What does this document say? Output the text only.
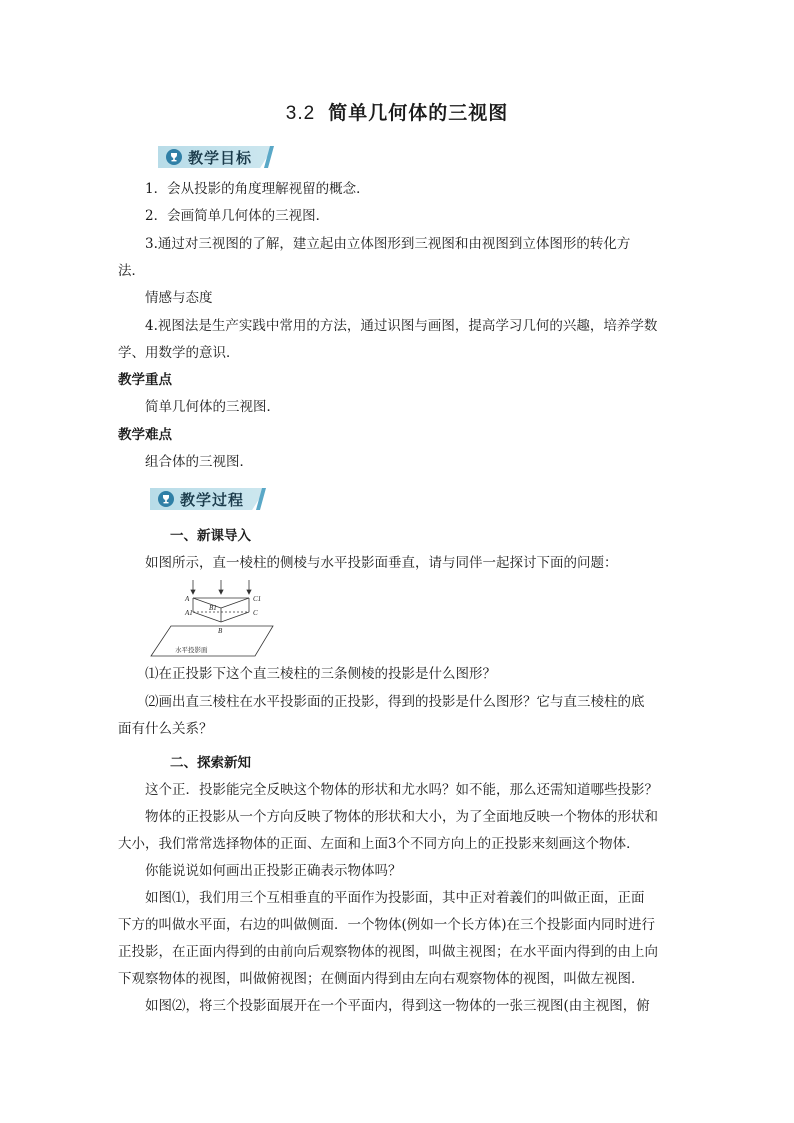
3.2 简单几何体的三视图
教学目标
1．会从投影的角度理解视留的概念．
2．会画简单几何体的三视图．
3.通过对三视图的了解，建立起由立体图形到三视图和由视图到立体图形的转化方
法．
情感与态度
4.视图法是生产实践中常用的方法，通过识图与画图，提高学习几何的兴趣，培养学数
学、用数学的意识．
教学重点
简单几何体的三视图．
教学难点
组合体的三视图．
教学过程
一、新课导入
如图所示，直一棱柱的侧棱与水平投影面垂直，请与同伴一起探讨下面的问题：
A	C1
B1
A1	C
B
水平投影面
⑴在正投影下这个直三棱柱的三条侧棱的投影是什么图形？
⑵画出直三棱柱在水平投影面的正投影，得到的投影是什么图形？它与直三棱柱的底
面有什么关系？
二、探索新知
这个正．投影能完全反映这个物体的形状和尤水吗？如不能，那么还需知道哪些投影？
物体的正投影从一个方向反映了物体的形状和大小，为了全面地反映一个物体的形状和
大小，我们常常选择物体的正面、左面和上面3个不同方向上的正投影来刻画这个物体．
你能说说如何画出正投影正确表示物体吗？
如图⑴，我们用三个互相垂直的平面作为投影面，其中正对着義们的叫做正面，正面
下方的叫做水平面，右边的叫做侧面．一个物体(例如一个长方体)在三个投影面内同时进行
正投影，在正面内得到的由前向后观察物体的视图，叫做主视图；在水平面内得到的由上向
下观察物体的视图，叫做俯视图；在侧面内得到由左向右观察物体的视图，叫做左视图．
如图⑵，将三个投影面展开在一个平面内，得到这一物体的一张三视图(由主视图，俯
